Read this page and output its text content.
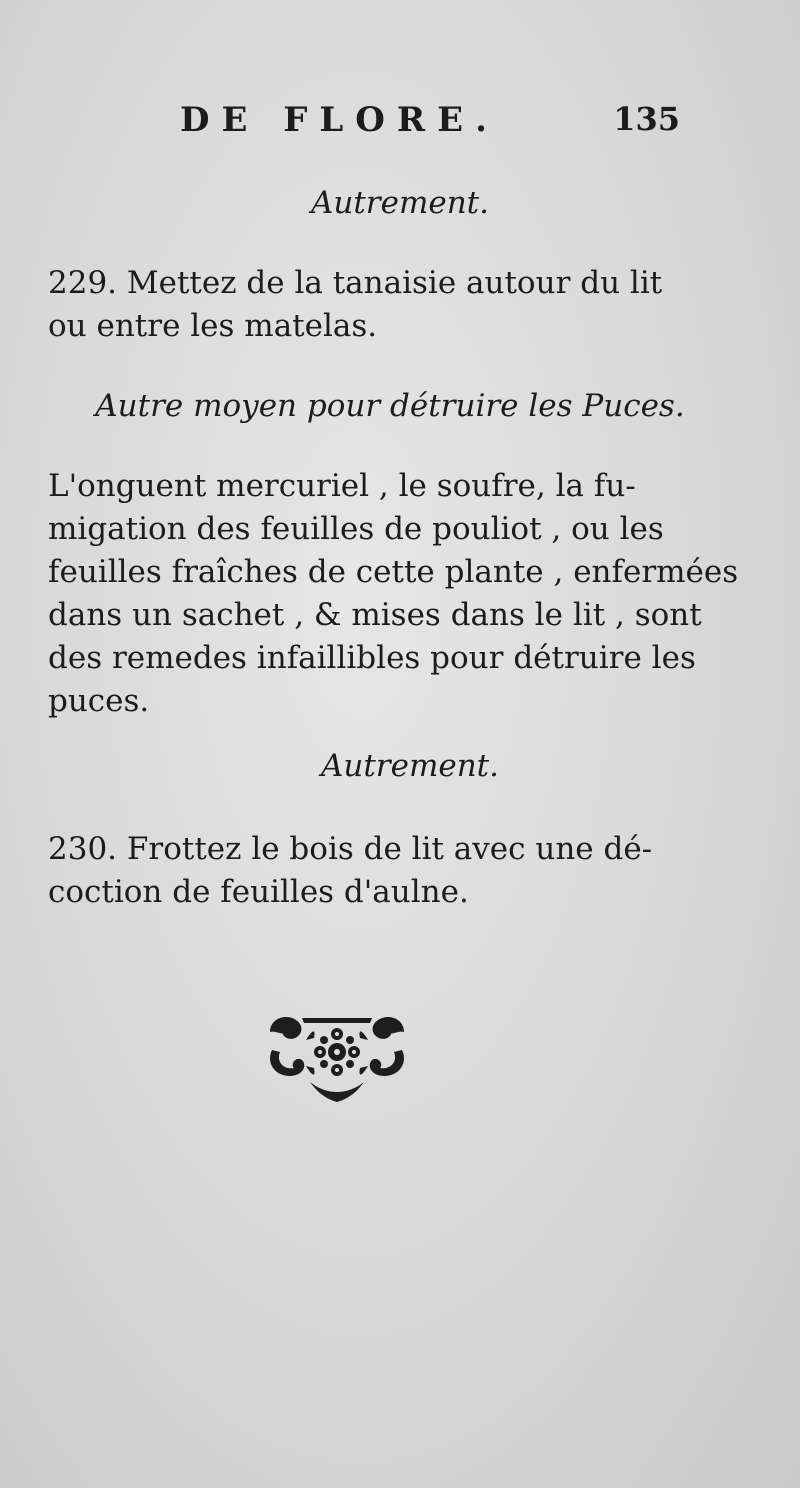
DE FLORE.	135
Autrement.

229. Mettez de la tanaisie autour du lit
ou entre les matelas.

Autre moyen pour détruire les Puces.

L'onguent mercuriel , le soufre, la fu-
migation des feuilles de pouliot , ou les
feuilles fraîches de cette plante , enfermées
dans un sachet , & mises dans le lit , sont
des remedes infaillibles pour détruire les
puces.

Autrement.

230. Frottez le bois de lit avec une dé-
coction de feuilles d'aulne.
